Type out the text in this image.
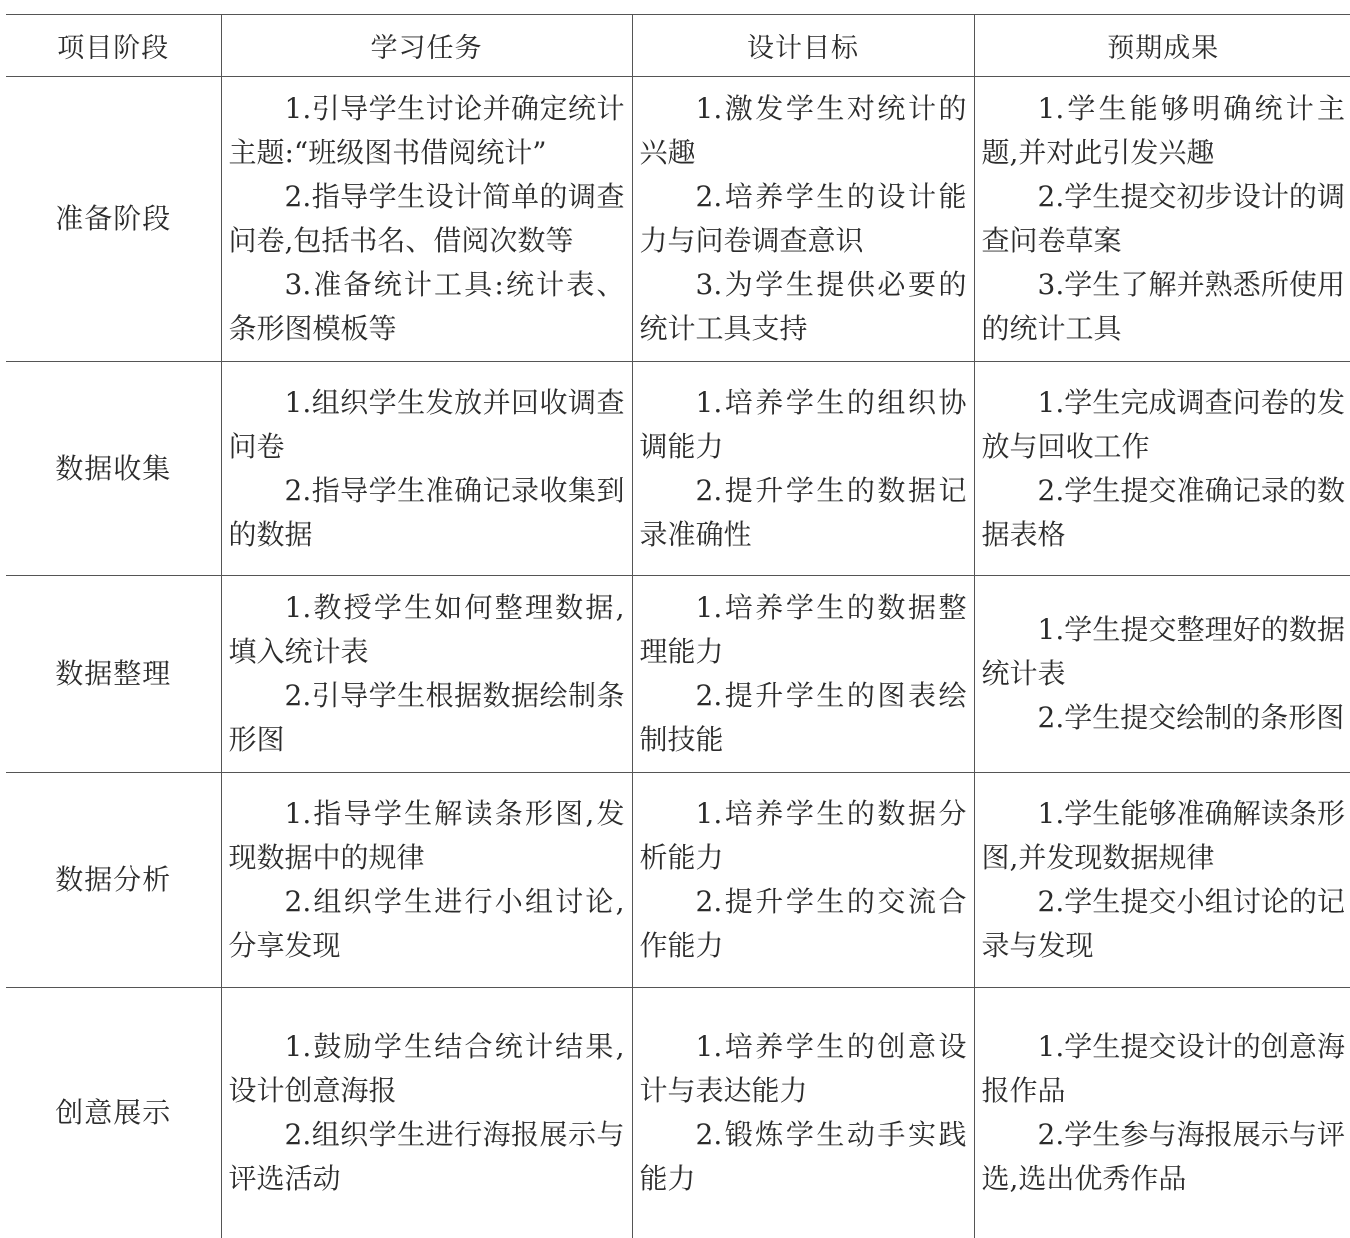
项目阶段	学习任务	设计目标	预期成果
准备阶段	1.引导学生讨论并确定统计主题:“班级图书借阅统计”
2.指导学生设计简单的调查问卷,包括书名、借阅次数等
3.准备统计工具:统计表、条形图模板等	1.激发学生对统计的兴趣
2.培养学生的设计能力与问卷调查意识
3.为学生提供必要的统计工具支持	1.学生能够明确统计主题,并对此引发兴趣
2.学生提交初步设计的调查问卷草案
3.学生了解并熟悉所使用的统计工具

数据收集	1.组织学生发放并回收调查问卷
2.指导学生准确记录收集到的数据	1.培养学生的组织协调能力
2.提升学生的数据记录准确性	1.学生完成调查问卷的发放与回收工作
2.学生提交准确记录的数据表格

数据整理	1.教授学生如何整理数据,填入统计表
2.引导学生根据数据绘制条形图	1.培养学生的数据整理能力
2.提升学生的图表绘制技能	1.学生提交整理好的数据统计表
2.学生提交绘制的条形图

数据分析	1.指导学生解读条形图,发现数据中的规律
2.组织学生进行小组讨论,分享发现	1.培养学生的数据分析能力
2.提升学生的交流合作能力	1.学生能够准确解读条形图,并发现数据规律
2.学生提交小组讨论的记录与发现

创意展示	1.鼓励学生结合统计结果,设计创意海报
2.组织学生进行海报展示与评选活动	1.培养学生的创意设计与表达能力
2.锻炼学生动手实践能力	1.学生提交设计的创意海报作品
2.学生参与海报展示与评选,选出优秀作品
